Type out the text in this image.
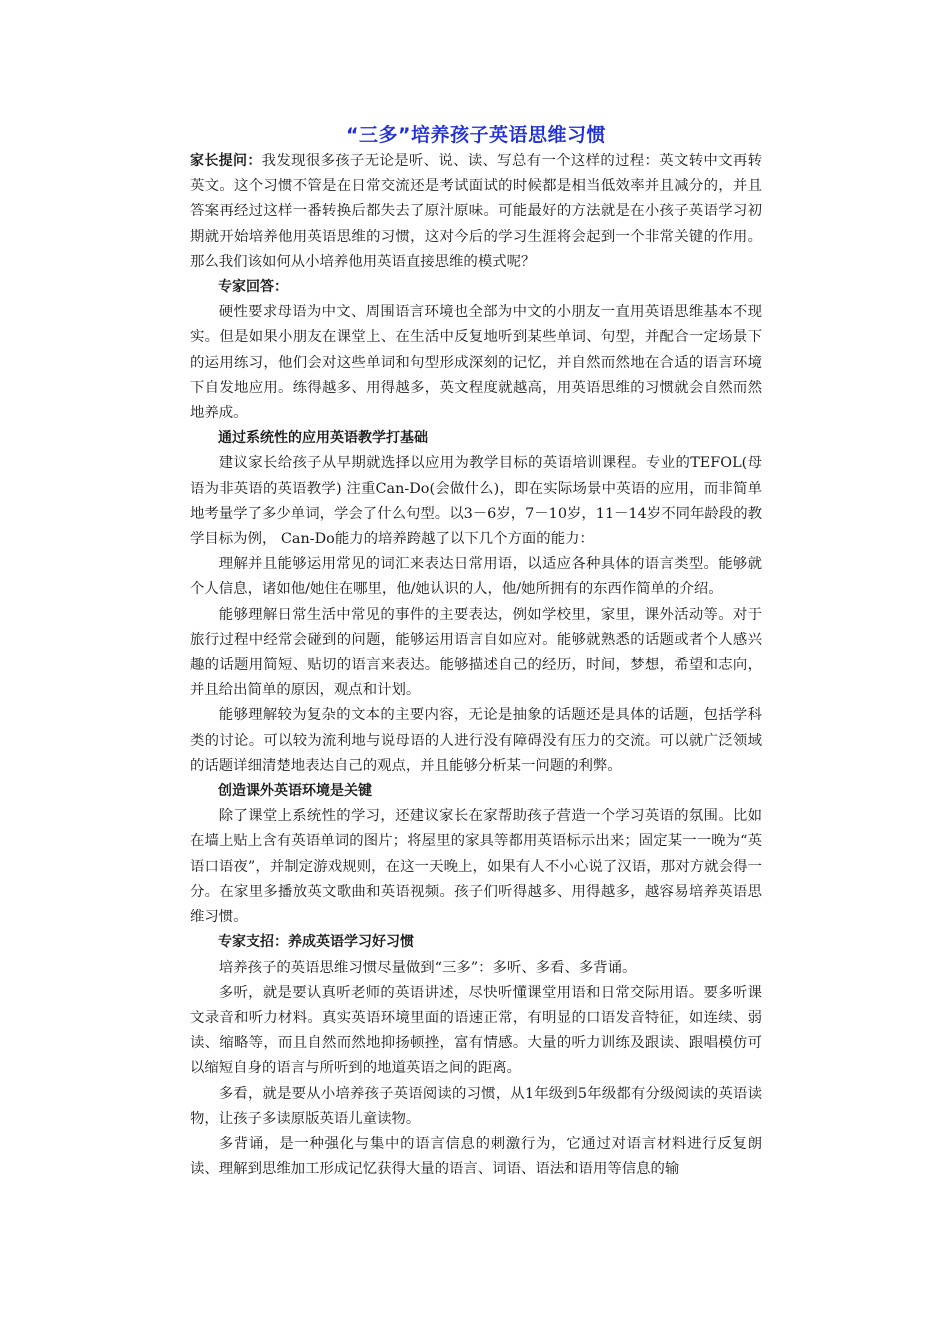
“三多”培养孩子英语思维习惯

家长提问：我发现很多孩子无论是听、说、读、写总有一个这样的过程：英文转中文再转英文。这个习惯不管是在日常交流还是考试面试的时候都是相当低效率并且减分的，并且答案再经过这样一番转换后都失去了原汁原味。可能最好的方法就是在小孩子英语学习初期就开始培养他用英语思维的习惯，这对今后的学习生涯将会起到一个非常关键的作用。那么我们该如何从小培养他用英语直接思维的模式呢？

专家回答：

硬性要求母语为中文、周围语言环境也全部为中文的小朋友一直用英语思维基本不现实。但是如果小朋友在课堂上、在生活中反复地听到某些单词、句型，并配合一定场景下的运用练习，他们会对这些单词和句型形成深刻的记忆，并自然而然地在合适的语言环境下自发地应用。练得越多、用得越多，英文程度就越高，用英语思维的习惯就会自然而然地养成。

通过系统性的应用英语教学打基础

建议家长给孩子从早期就选择以应用为教学目标的英语培训课程。专业的TEFOL(母语为非英语的英语教学) 注重Can-Do(会做什么)，即在实际场景中英语的应用，而非简单地考量学了多少单词，学会了什么句型。以3－6岁，7－10岁，11－14岁不同年龄段的教学目标为例， Can-Do能力的培养跨越了以下几个方面的能力：

理解并且能够运用常见的词汇来表达日常用语，以适应各种具体的语言类型。能够就个人信息，诸如他/她住在哪里，他/她认识的人，他/她所拥有的东西作简单的介绍。

能够理解日常生活中常见的事件的主要表达，例如学校里，家里，课外活动等。对于旅行过程中经常会碰到的问题，能够运用语言自如应对。能够就熟悉的话题或者个人感兴趣的话题用简短、贴切的语言来表达。能够描述自己的经历，时间，梦想，希望和志向，并且给出简单的原因，观点和计划。

能够理解较为复杂的文本的主要内容，无论是抽象的话题还是具体的话题，包括学科类的讨论。可以较为流利地与说母语的人进行没有障碍没有压力的交流。可以就广泛领域的话题详细清楚地表达自己的观点，并且能够分析某一问题的利弊。

创造课外英语环境是关键

除了课堂上系统性的学习，还建议家长在家帮助孩子营造一个学习英语的氛围。比如在墙上贴上含有英语单词的图片；将屋里的家具等都用英语标示出来；固定某一一晚为“英语口语夜”，并制定游戏规则，在这一天晚上，如果有人不小心说了汉语，那对方就会得一分。在家里多播放英文歌曲和英语视频。孩子们听得越多、用得越多，越容易培养英语思维习惯。

专家支招：养成英语学习好习惯

培养孩子的英语思维习惯尽量做到“三多”：多听、多看、多背诵。

多听，就是要认真听老师的英语讲述，尽快听懂课堂用语和日常交际用语。要多听课文录音和听力材料。真实英语环境里面的语速正常，有明显的口语发音特征，如连续、弱读、缩略等，而且自然而然地抑扬顿挫，富有情感。大量的听力训练及跟读、跟唱模仿可以缩短自身的语言与所听到的地道英语之间的距离。

多看，就是要从小培养孩子英语阅读的习惯，从1年级到5年级都有分级阅读的英语读物，让孩子多读原版英语儿童读物。

多背诵，是一种强化与集中的语言信息的刺激行为，它通过对语言材料进行反复朗读、理解到思维加工形成记忆获得大量的语言、词语、语法和语用等信息的输
